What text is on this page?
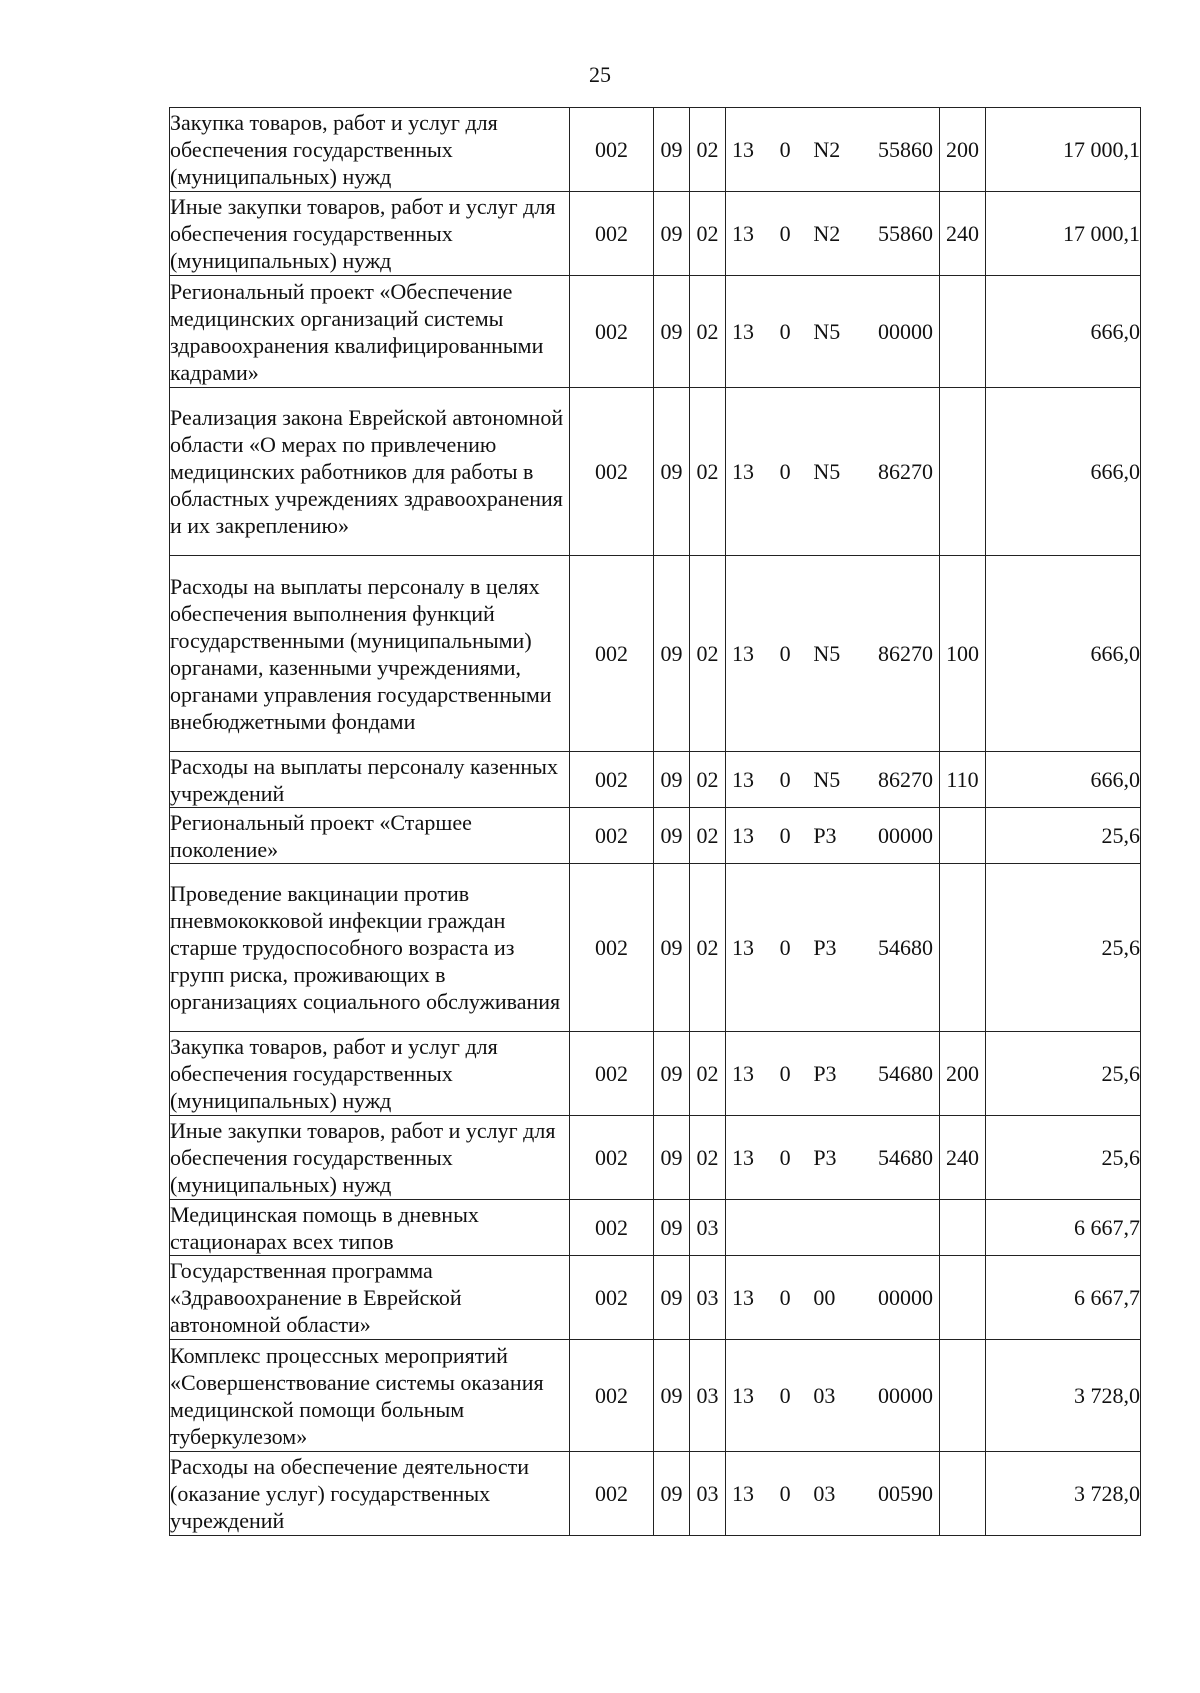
25
Закупка товаров, работ и услуг для обеспечения государственных (муниципальных) нужд	002	09	02	13 0 N2 55860	200	17 000,1
Иные закупки товаров, работ и услуг для обеспечения государственных (муниципальных) нужд	002	09	02	13 0 N2 55860	240	17 000,1
Региональный проект «Обеспечение медицинских организаций системы здравоохранения квалифицированными кадрами»	002	09	02	13 0 N5 00000		666,0
Реализация закона Еврейской автономной области «О мерах по привлечению медицинских работников для работы в областных учреждениях здравоохранения и их закреплению»	002	09	02	13 0 N5 86270		666,0
Расходы на выплаты персоналу в целях обеспечения выполнения функций государственными (муниципальными) органами, казенными учреждениями, органами управления государственными внебюджетными фондами	002	09	02	13 0 N5 86270	100	666,0
Расходы на выплаты персоналу казенных учреждений	002	09	02	13 0 N5 86270	110	666,0
Региональный проект «Старшее поколение»	002	09	02	13 0 P3 00000		25,6
Проведение вакцинации против пневмококковой инфекции граждан старше трудоспособного возраста из групп риска, проживающих в организациях социального обслуживания	002	09	02	13 0 P3 54680		25,6
Закупка товаров, работ и услуг для обеспечения государственных (муниципальных) нужд	002	09	02	13 0 P3 54680	200	25,6
Иные закупки товаров, работ и услуг для обеспечения государственных (муниципальных) нужд	002	09	02	13 0 P3 54680	240	25,6
Медицинская помощь в дневных стационарах всех типов	002	09	03			6 667,7
Государственная программа «Здравоохранение в Еврейской автономной области»	002	09	03	13 0 00 00000		6 667,7
Комплекс процессных мероприятий «Совершенствование системы оказания медицинской помощи больным туберкулезом»	002	09	03	13 0 03 00000		3 728,0
Расходы на обеспечение деятельности (оказание услуг) государственных учреждений	002	09	03	13 0 03 00590		3 728,0
